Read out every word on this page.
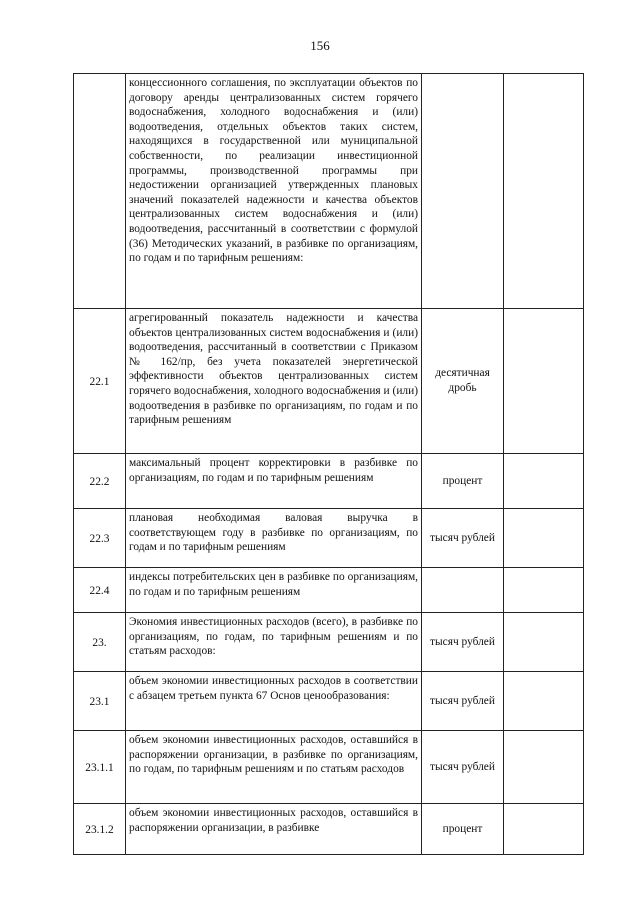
156

	концессионного соглашения, по эксплуатации объектов по договору аренды централизованных систем горячего водоснабжения, холодного водоснабжения и (или) водоотведения, отдельных объектов таких систем, находящихся в государственной или муниципальной собственности, по реализации инвестиционной программы, производственной программы при недостижении организацией утвержденных плановых значений показателей надежности и качества объектов централизованных систем водоснабжения и (или) водоотведения, рассчитанный в соответствии с формулой (36) Методических указаний, в разбивке по организациям, по годам и по тарифным решениям:		

22.1	агрегированный показатель надежности и качества объектов централизованных систем водоснабжения и (или) водоотведения, рассчитанный в соответствии с Приказом № 162/пр, без учета показателей энергетической эффективности объектов централизованных систем горячего водоснабжения, холодного водоснабжения и (или) водоотведения в разбивке по организациям, по годам и по тарифным решениям	десятичная дробь	
22.2	максимальный процент корректировки в разбивке по организациям, по годам и по тарифным решениям	процент	
22.3	плановая необходимая валовая выручка в соответствующем году в разбивке по организациям, по годам и по тарифным решениям	тысяч рублей	
22.4	индексы потребительских цен в разбивке по организациям, по годам и по тарифным решениям		

23.	Экономия инвестиционных расходов (всего), в разбивке по организациям, по годам, по тарифным решениям и по статьям расходов:	тысяч рублей	
23.1	объем экономии инвестиционных расходов в соответствии с абзацем третьем пункта 67 Основ ценообразования:	тысяч рублей	
23.1.1	объем экономии инвестиционных расходов, оставшийся в распоряжении организации, в разбивке по организациям, по годам, по тарифным решениям и по статьям расходов	тысяч рублей	
23.1.2	объем экономии инвестиционных расходов, оставшийся в распоряжении организации, в разбивке	процент	
